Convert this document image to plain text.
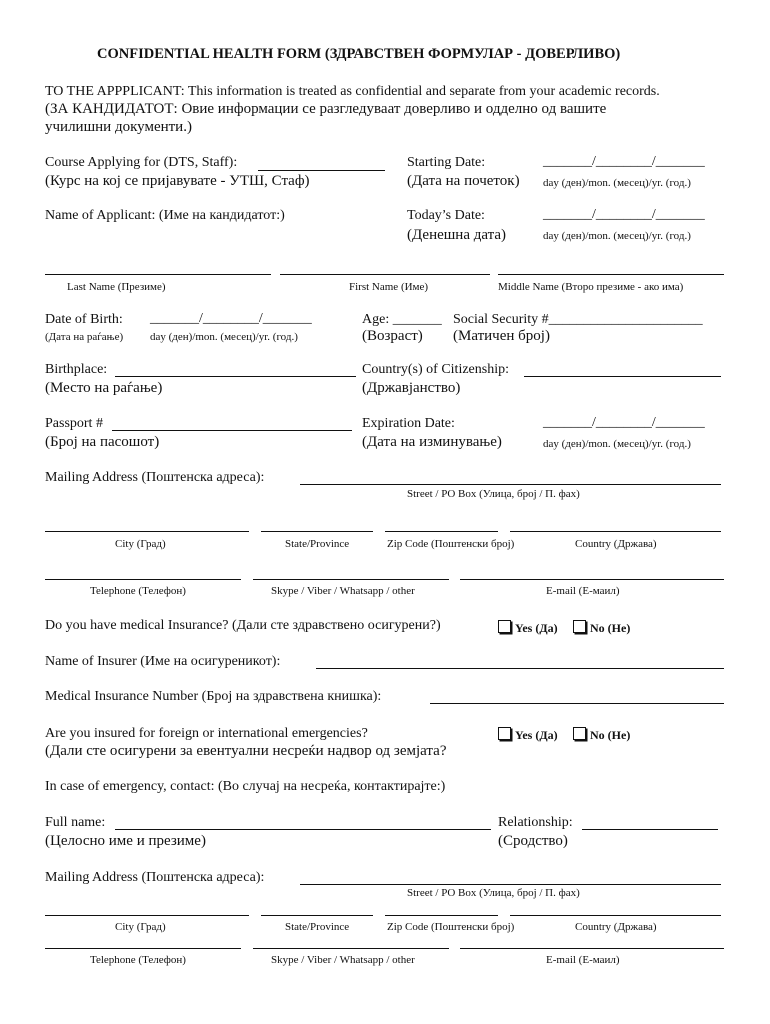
CONFIDENTIAL HEALTH FORM (ЗДРАВСТВЕН ФОРМУЛАР - ДОВЕРЛИВО)
TO THE APPPLICANT: This information is treated as confidential and separate from your academic records.
(ЗА КАНДИДАТОТ: Овие информации се разгледуваат доверливо и одделно од вашите
училишни документи.)
Course Applying for (DTS, Staff):
(Курс на кој се пријавувате - УТШ, Стаф)
Starting Date:	_______/________/_______
(Дата на почеток) day (ден)/mon. (месец)/yr. (год.)
Name of Applicant: (Име на кандидатот:)	Today’s Date:	_______/________/_______
(Денешна дата)	day (ден)/mon. (месец)/yr. (год.)
Last Name (Презиме)	First Name (Име)	Middle Name (Второ презиме - ако има)
Date of Birth: _______/________/_______
(Дата на раѓање) day (ден)/mon. (месец)/yr. (год.)
Age: _______
(Возраст)
Social Security #______________________
(Матичен број)
Birthplace:
(Место на раѓање)
Country(s) of Citizenship:
(Државјанство)
Passport #
(Број на пасошот)
Expiration Date:	_______/________/_______
(Дата на изминување)	day (ден)/mon. (месец)/yr. (год.)
Mailing Address (Поштенска адреса):
Street / PO Box (Улица, број / П. фах)
City (Град)	State/Province	Zip Code (Поштенски број)	Country (Држава)
Telephone (Телефон)	Skype / Viber / Whatsapp / other	E-mail (Е-маил)
Do you have medical Insurance? (Дали сте здравствено осигурени?)	Yes (Да)	No (Не)
Name of Insurer (Име на осигуреникот):
Medical Insurance Number (Број на здравствена книшка):
Are you insured for foreign or international emergencies?
(Дали сте осигурени за евентуални несреќи надвор од земјата?
Yes (Да)	No (Не)
In case of emergency, contact: (Во случај на несреќа, контактирајте:)
Full name:
(Целосно име и презиме)
Relationship:
(Сродство)
Mailing Address (Поштенска адреса):
Street / PO Box (Улица, број / П. фах)
City (Град)	State/Province	Zip Code (Поштенски број)	Country (Држава)
Telephone (Телефон)	Skype / Viber / Whatsapp / other	E-mail (Е-маил)
